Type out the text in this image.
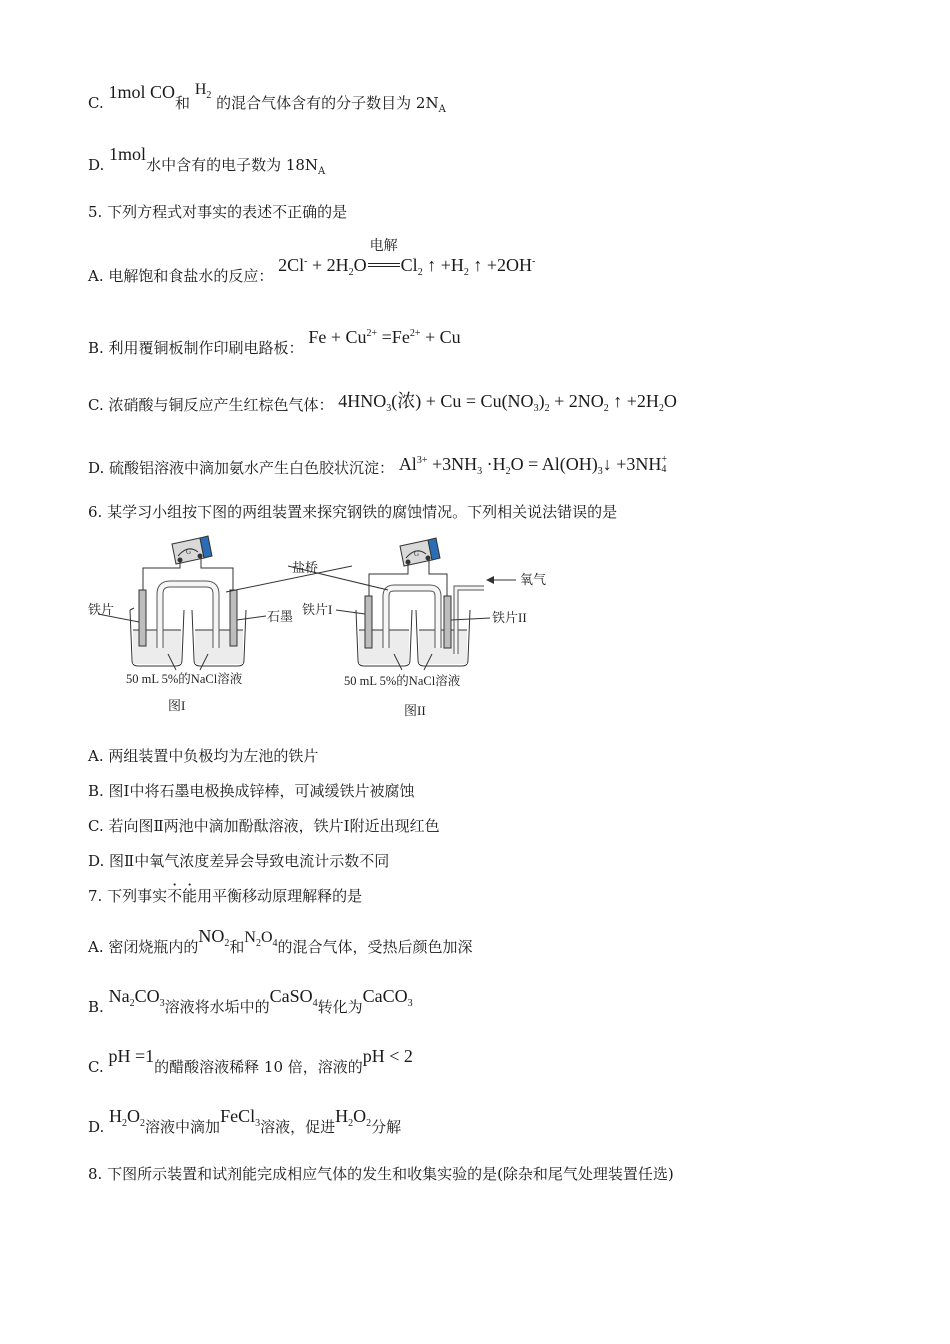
C. 1mol CO和 $H_2$ 的混合气体含有的分子数目为 $2N_A$
D. 1mol水中含有的电子数为 $18N_A$
5. 下列方程式对事实的表述不正确的是
A. 电解饱和食盐水的反应： $2Cl^- + 2H_2O$
电解
$Cl_2$ ↑ $+H_2$ ↑ +2OH-
B. 利用覆铜板制作印刷电路板： $Fe + Cu^{2+} =Fe^{2+} + Cu$
C. 浓硝酸与铜反应产生红棕色气体： $4HNO_3$(浓) + $Cu = Cu(NO_3)_2 + 2NO_2$ ↑ $+2H_2O$
D. 硫酸铝溶液中滴加氨水产生白色胶状沉淀： $Al^{3+} +3NH_3 \cdot H_2O$ = $Al(OH)_3↓ +3NH$ +
4
6. 某学习小组按下图的两组装置来探究钢铁的腐蚀情况。下列相关说法错误的是
G
铁片	石墨
50 mL 5%的NaCl溶液
图I
G
氧气
铁片I
铁片II
盐桥
50 mL 5%的NaCl溶液
图II
A. 两组装置中负极均为左池的铁片
B. 图Ⅰ中将石墨电极换成锌棒，可减缓铁片被腐蚀
C. 若向图Ⅱ两池中滴加酚酞溶液，铁片Ⅰ附近出现红色
D. 图Ⅱ中氧气浓度差异会导致电流计示数不同
7. 下列事实不能用平衡移动原理解释的是
A. 密闭烧瓶内的$NO_2$和$N_2O_4$的混合气体，受热后颜色加深
B. $Na_2CO_3$溶液将水垢中的CaSO$_4$转化为CaCO$_3$
C. pH =1的醋酸溶液稀释 10 倍，溶液的pH < 2
D. $H_2O_2$溶液中滴加FeCl$_3$溶液，促进$H_2O_2$分解
8. 下图所示装置和试剂能完成相应气体的发生和收集实验的是(除杂和尾气处理装置任选)
